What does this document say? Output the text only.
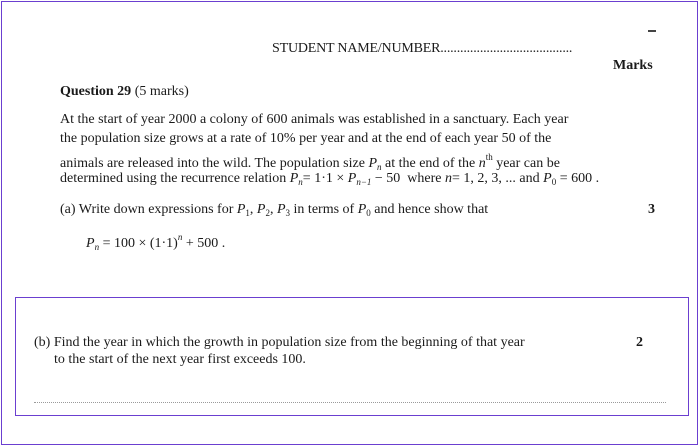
STUDENT NAME/NUMBER........................................
Marks
Question 29 (5 marks)
At the start of year 2000 a colony of 600 animals was established in a sanctuary. Each year
the population size grows at a rate of 10% per year and at the end of each year 50 of the
animals are released into the wild. The population size $P_n$ at the end of the $n^{th}$ year can be
determined using the recurrence relation $P_n= 1\cdot 1 \times P_{n-1} - 50$ where n= 1, 2, 3, ... and $P_0 = 600$ .
(a) Write down expressions for $P_1$, $P_2$, $P_3$ in terms of $P_0$ and hence show that
$P_n = 100 \times (1\cdot 1)^n + 500$ .
3
(b) Find the year in which the growth in population size from the beginning of that year
to the start of the next year first exceeds 100.
2
